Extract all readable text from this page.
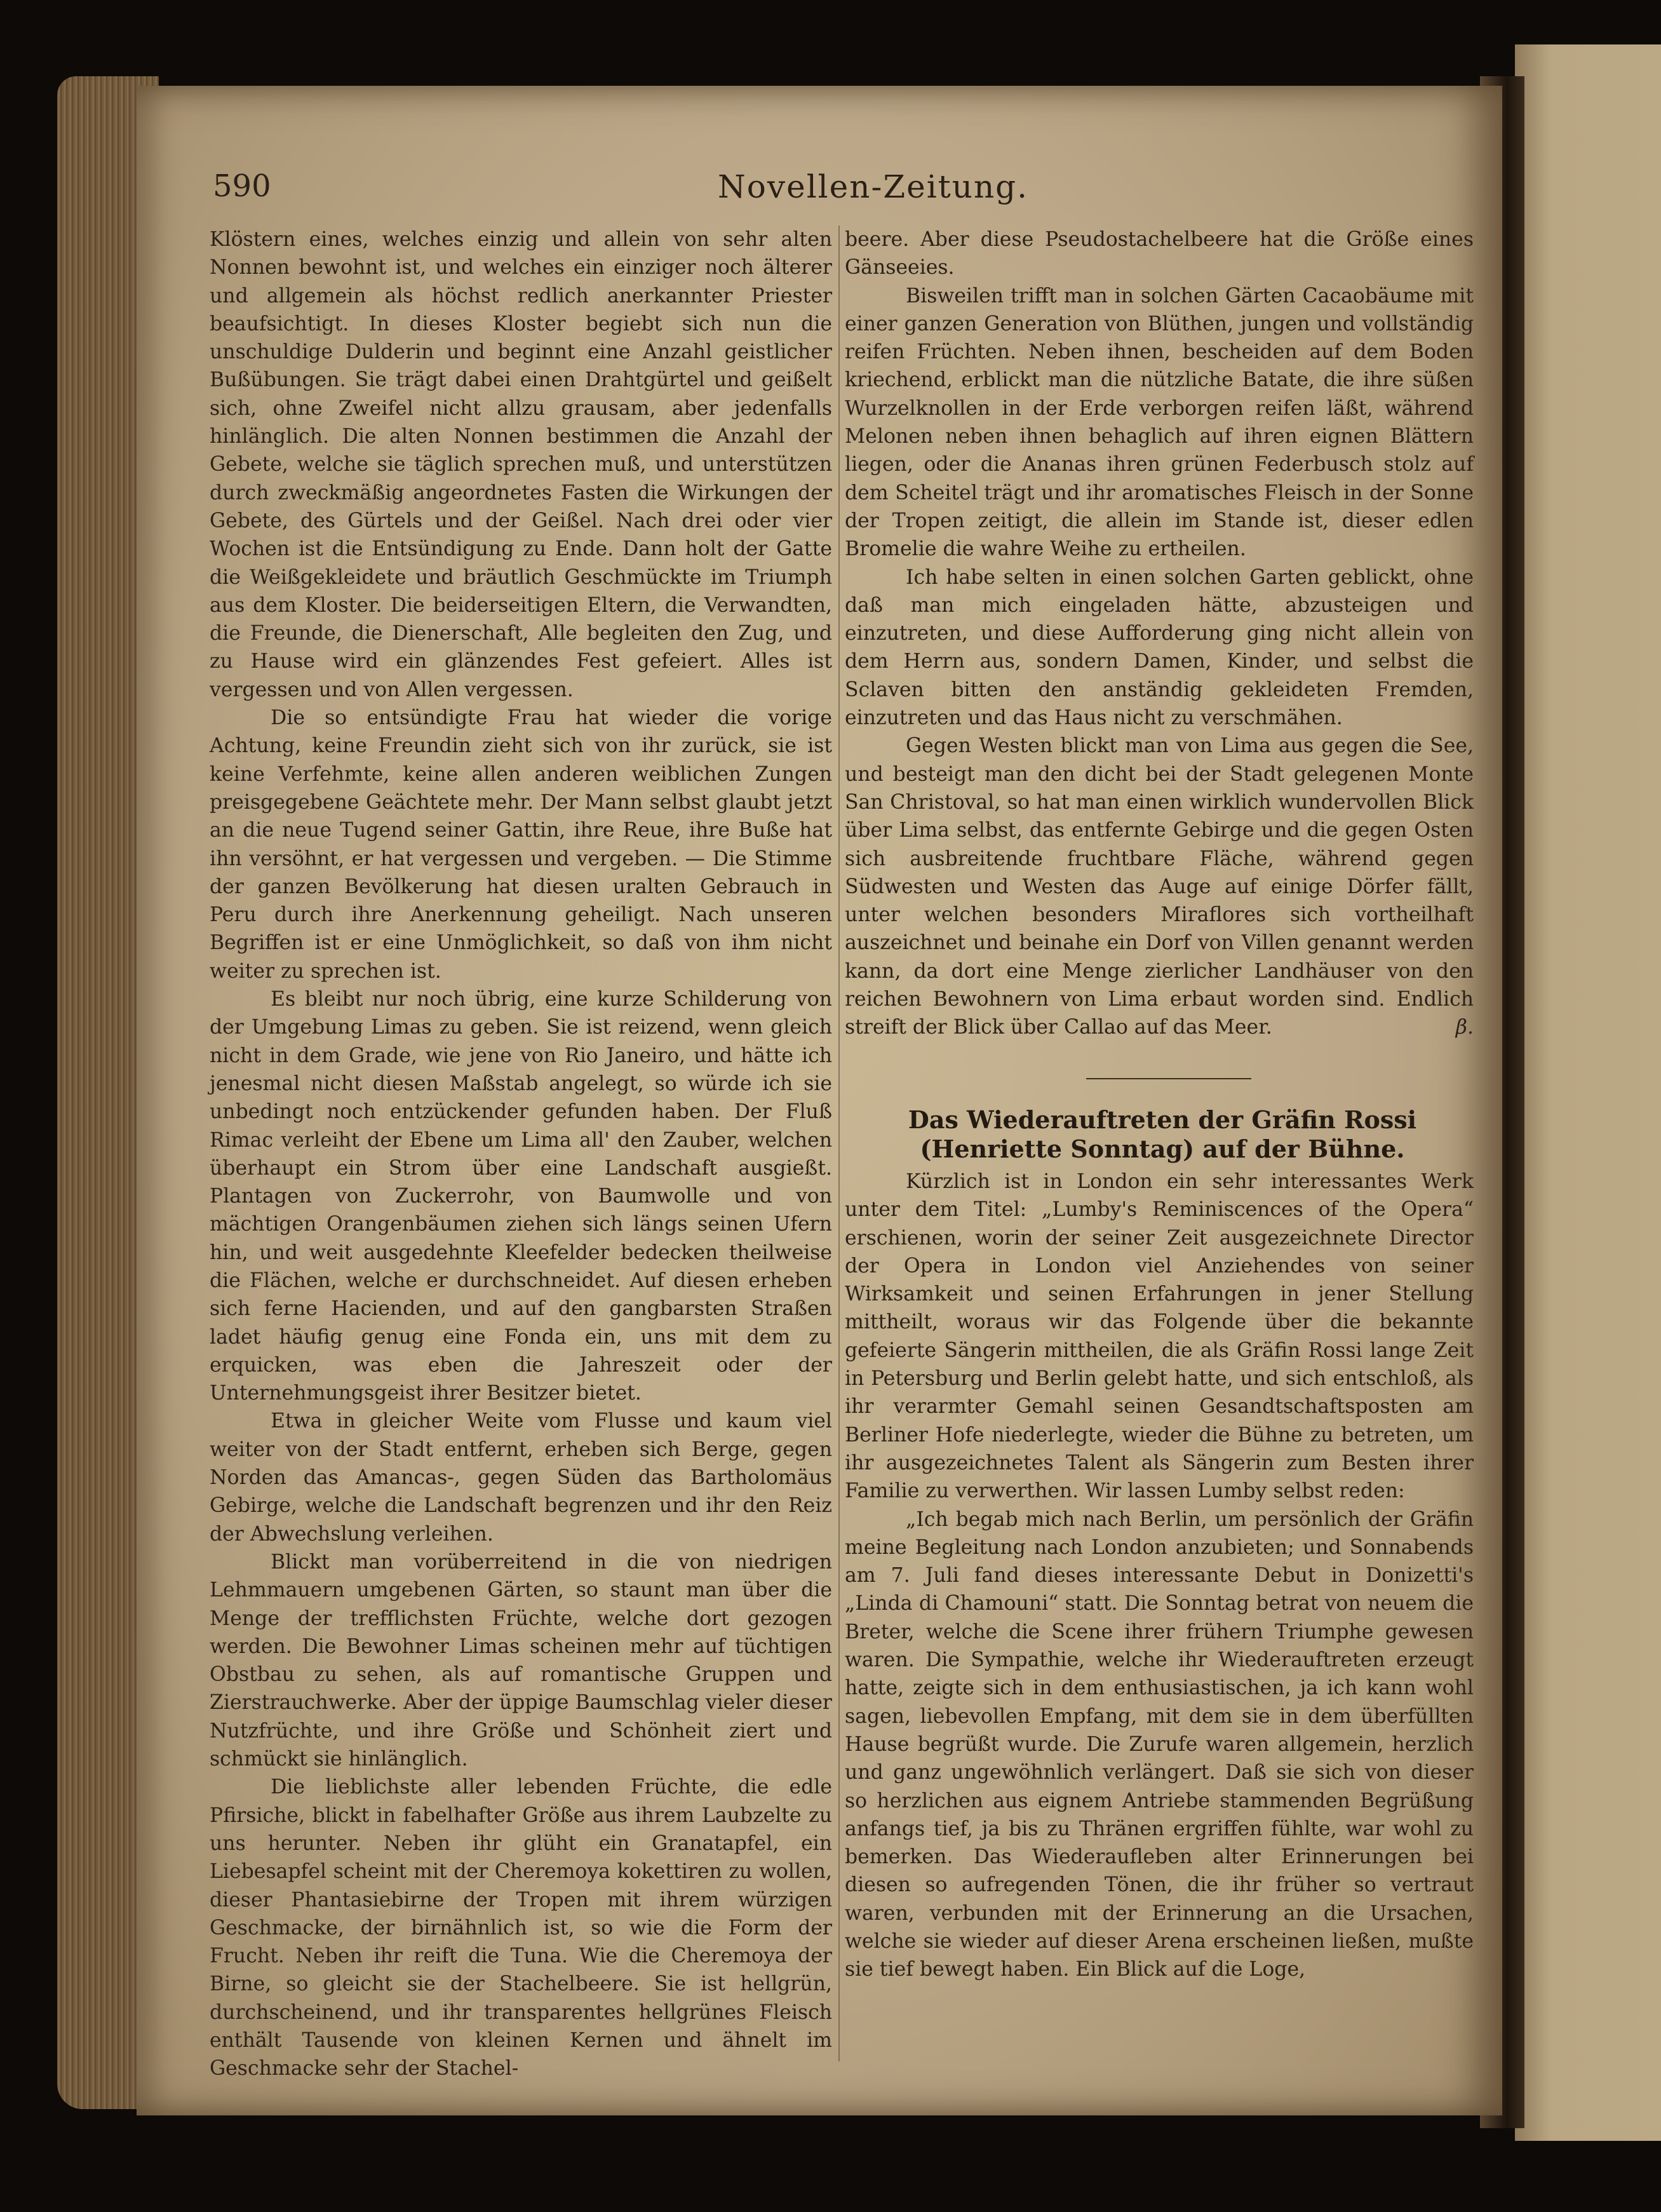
590	Novellen-Zeitung.

Klöstern eines, welches einzig und allein von sehr alten Nonnen bewohnt ist, und welches ein einziger noch älterer und allgemein als höchst redlich anerkannter Priester beaufsichtigt. In dieses Kloster begiebt sich nun die unschuldige Dulderin und beginnt eine Anzahl geistlicher Bußübungen. Sie trägt dabei einen Drahtgürtel und geißelt sich, ohne Zweifel nicht allzu grausam, aber jedenfalls hinlänglich. Die alten Nonnen bestimmen die Anzahl der Gebete, welche sie täglich sprechen muß, und unterstützen durch zweckmäßig angeordnetes Fasten die Wirkungen der Gebete, des Gürtels und der Geißel. Nach drei oder vier Wochen ist die Entsündigung zu Ende. Dann holt der Gatte die Weißgekleidete und bräutlich Geschmückte im Triumph aus dem Kloster. Die beiderseitigen Eltern, die Verwandten, die Freunde, die Dienerschaft, Alle begleiten den Zug, und zu Hause wird ein glänzendes Fest gefeiert. Alles ist vergessen und von Allen vergessen.

Die so entsündigte Frau hat wieder die vorige Achtung, keine Freundin zieht sich von ihr zurück, sie ist keine Verfehmte, keine allen anderen weiblichen Zungen preisgegebene Geächtete mehr. Der Mann selbst glaubt jetzt an die neue Tugend seiner Gattin, ihre Reue, ihre Buße hat ihn versöhnt, er hat vergessen und vergeben. — Die Stimme der ganzen Bevölkerung hat diesen uralten Gebrauch in Peru durch ihre Anerkennung geheiligt. Nach unseren Begriffen ist er eine Unmöglichkeit, so daß von ihm nicht weiter zu sprechen ist.

Es bleibt nur noch übrig, eine kurze Schilderung von der Umgebung Limas zu geben. Sie ist reizend, wenn gleich nicht in dem Grade, wie jene von Rio Janeiro, und hätte ich jenesmal nicht diesen Maßstab angelegt, so würde ich sie unbedingt noch entzückender gefunden haben. Der Fluß Rimac verleiht der Ebene um Lima all' den Zauber, welchen überhaupt ein Strom über eine Landschaft ausgießt. Plantagen von Zuckerrohr, von Baumwolle und von mächtigen Orangenbäumen ziehen sich längs seinen Ufern hin, und weit ausgedehnte Kleefelder bedecken theilweise die Flächen, welche er durchschneidet. Auf diesen erheben sich ferne Hacienden, und auf den gangbarsten Straßen ladet häufig genug eine Fonda ein, uns mit dem zu erquicken, was eben die Jahreszeit oder der Unternehmungsgeist ihrer Besitzer bietet.

Etwa in gleicher Weite vom Flusse und kaum viel weiter von der Stadt entfernt, erheben sich Berge, gegen Norden das Amancas-, gegen Süden das Bartholomäus Gebirge, welche die Landschaft begrenzen und ihr den Reiz der Abwechslung verleihen.

Blickt man vorüberreitend in die von niedrigen Lehmmauern umgebenen Gärten, so staunt man über die Menge der trefflichsten Früchte, welche dort gezogen werden. Die Bewohner Limas scheinen mehr auf tüchtigen Obstbau zu sehen, als auf romantische Gruppen und Zierstrauchwerke. Aber der üppige Baumschlag vieler dieser Nutzfrüchte, und ihre Größe und Schönheit ziert und schmückt sie hinlänglich.

Die lieblichste aller lebenden Früchte, die edle Pfirsiche, blickt in fabelhafter Größe aus ihrem Laubzelte zu uns herunter. Neben ihr glüht ein Granatapfel, ein Liebesapfel scheint mit der Cheremoya kokettiren zu wollen, dieser Phantasiebirne der Tropen mit ihrem würzigen Geschmacke, der birnähnlich ist, so wie die Form der Frucht. Neben ihr reift die Tuna. Wie die Cheremoya der Birne, so gleicht sie der Stachelbeere. Sie ist hellgrün, durchscheinend, und ihr transparentes hellgrünes Fleisch enthält Tausende von kleinen Kernen und ähnelt im Geschmacke sehr der Stachel-

beere. Aber diese Pseudostachelbeere hat die Größe eines Gänseeies.

Bisweilen trifft man in solchen Gärten Cacaobäume mit einer ganzen Generation von Blüthen, jungen und vollständig reifen Früchten. Neben ihnen, bescheiden auf dem Boden kriechend, erblickt man die nützliche Batate, die ihre süßen Wurzelknollen in der Erde verborgen reifen läßt, während Melonen neben ihnen behaglich auf ihren eignen Blättern liegen, oder die Ananas ihren grünen Federbusch stolz auf dem Scheitel trägt und ihr aromatisches Fleisch in der Sonne der Tropen zeitigt, die allein im Stande ist, dieser edlen Bromelie die wahre Weihe zu ertheilen.

Ich habe selten in einen solchen Garten geblickt, ohne daß man mich eingeladen hätte, abzusteigen und einzutreten, und diese Aufforderung ging nicht allein von dem Herrn aus, sondern Damen, Kinder, und selbst die Sclaven bitten den anständig gekleideten Fremden, einzutreten und das Haus nicht zu verschmähen.

Gegen Westen blickt man von Lima aus gegen die See, und besteigt man den dicht bei der Stadt gelegenen Monte San Christoval, so hat man einen wirklich wundervollen Blick über Lima selbst, das entfernte Gebirge und die gegen Osten sich ausbreitende fruchtbare Fläche, während gegen Südwesten und Westen das Auge auf einige Dörfer fällt, unter welchen besonders Miraflores sich vortheilhaft auszeichnet und beinahe ein Dorf von Villen genannt werden kann, da dort eine Menge zierlicher Landhäuser von den reichen Bewohnern von Lima erbaut worden sind. Endlich streift der Blick über Callao auf das Meer.	β.

Das Wiederauftreten der Gräfin Rossi (Henriette Sonntag) auf der Bühne.

Kürzlich ist in London ein sehr interessantes Werk unter dem Titel: „Lumby's Reminiscences of the Opera“ erschienen, worin der seiner Zeit ausgezeichnete Director der Opera in London viel Anziehendes von seiner Wirksamkeit und seinen Erfahrungen in jener Stellung mittheilt, woraus wir das Folgende über die bekannte gefeierte Sängerin mittheilen, die als Gräfin Rossi lange Zeit in Petersburg und Berlin gelebt hatte, und sich entschloß, als ihr verarmter Gemahl seinen Gesandtschaftsposten am Berliner Hofe niederlegte, wieder die Bühne zu betreten, um ihr ausgezeichnetes Talent als Sängerin zum Besten ihrer Familie zu verwerthen. Wir lassen Lumby selbst reden:

„Ich begab mich nach Berlin, um persönlich der Gräfin meine Begleitung nach London anzubieten; und Sonnabends am 7. Juli fand dieses interessante Debut in Donizetti's „Linda di Chamouni“ statt. Die Sonntag betrat von neuem die Breter, welche die Scene ihrer frühern Triumphe gewesen waren. Die Sympathie, welche ihr Wiederauftreten erzeugt hatte, zeigte sich in dem enthusiastischen, ja ich kann wohl sagen, liebevollen Empfang, mit dem sie in dem überfüllten Hause begrüßt wurde. Die Zurufe waren allgemein, herzlich und ganz ungewöhnlich verlängert. Daß sie sich von dieser so herzlichen aus eignem Antriebe stammenden Begrüßung anfangs tief, ja bis zu Thränen ergriffen fühlte, war wohl zu bemerken. Das Wiederaufleben alter Erinnerungen bei diesen so aufregenden Tönen, die ihr früher so vertraut waren, verbunden mit der Erinnerung an die Ursachen, welche sie wieder auf dieser Arena erscheinen ließen, mußte sie tief bewegt haben. Ein Blick auf die Loge,
